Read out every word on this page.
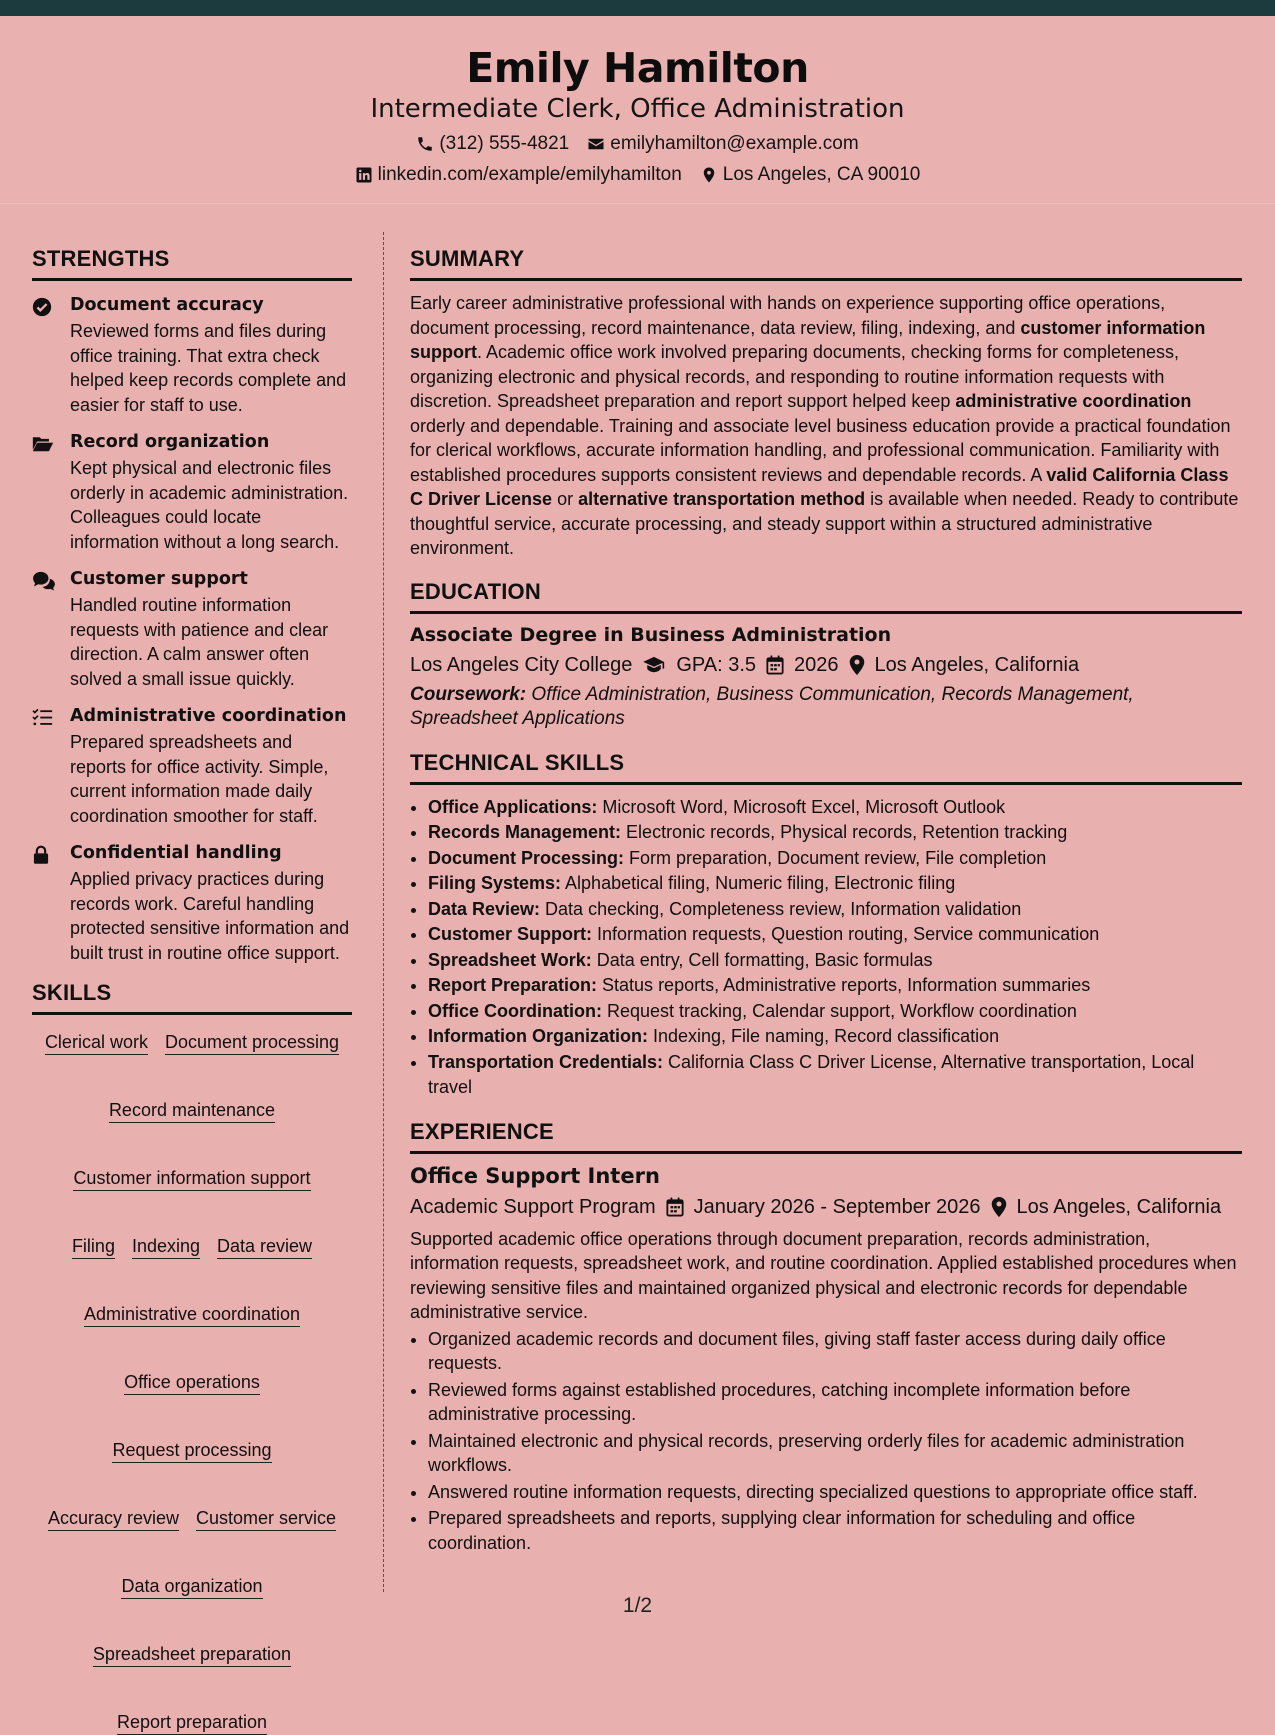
Emily Hamilton
Intermediate Clerk, Office Administration
(312) 555-4821 emilyhamilton@example.com
linkedin.com/example/emilyhamilton Los Angeles, CA 90010
STRENGTHS
Document accuracy
Reviewed forms and files during office training. That extra check helped keep records complete and easier for staff to use.
Record organization
Kept physical and electronic files orderly in academic administration. Colleagues could locate information without a long search.
Customer support
Handled routine information requests with patience and clear direction. A calm answer often solved a small issue quickly.
Administrative coordination
Prepared spreadsheets and reports for office activity. Simple, current information made daily coordination smoother for staff.
Confidential handling
Applied privacy practices during records work. Careful handling protected sensitive information and built trust in routine office support.
SKILLS
Clerical work Document processing
Record maintenance
Customer information support
Filing Indexing Data review
Administrative coordination
Office operations
Request processing
Accuracy review Customer service
Data organization
Spreadsheet preparation
Report preparation
SUMMARY
Early career administrative professional with hands on experience supporting office operations, document processing, record maintenance, data review, filing, indexing, and customer information support. Academic office work involved preparing documents, checking forms for completeness, organizing electronic and physical records, and responding to routine information requests with discretion. Spreadsheet preparation and report support helped keep administrative coordination orderly and dependable. Training and associate level business education provide a practical foundation for clerical workflows, accurate information handling, and professional communication. Familiarity with established procedures supports consistent reviews and dependable records. A valid California Class C Driver License or alternative transportation method is available when needed. Ready to contribute thoughtful service, accurate processing, and steady support within a structured administrative environment.
EDUCATION
Associate Degree in Business Administration
Los Angeles City College GPA: 3.5 2026 Los Angeles, California
Coursework: Office Administration, Business Communication, Records Management, Spreadsheet Applications
TECHNICAL SKILLS
• Office Applications: Microsoft Word, Microsoft Excel, Microsoft Outlook
• Records Management: Electronic records, Physical records, Retention tracking
• Document Processing: Form preparation, Document review, File completion
• Filing Systems: Alphabetical filing, Numeric filing, Electronic filing
• Data Review: Data checking, Completeness review, Information validation
• Customer Support: Information requests, Question routing, Service communication
• Spreadsheet Work: Data entry, Cell formatting, Basic formulas
• Report Preparation: Status reports, Administrative reports, Information summaries
• Office Coordination: Request tracking, Calendar support, Workflow coordination
• Information Organization: Indexing, File naming, Record classification
• Transportation Credentials: California Class C Driver License, Alternative transportation, Local travel
EXPERIENCE
Office Support Intern
Academic Support Program January 2026 - September 2026 Los Angeles, California
Supported academic office operations through document preparation, records administration, information requests, spreadsheet work, and routine coordination. Applied established procedures when reviewing sensitive files and maintained organized physical and electronic records for dependable administrative service.
• Organized academic records and document files, giving staff faster access during daily office requests.
• Reviewed forms against established procedures, catching incomplete information before administrative processing.
• Maintained electronic and physical records, preserving orderly files for academic administration workflows.
• Answered routine information requests, directing specialized questions to appropriate office staff.
• Prepared spreadsheets and reports, supplying clear information for scheduling and office coordination.
1/2
